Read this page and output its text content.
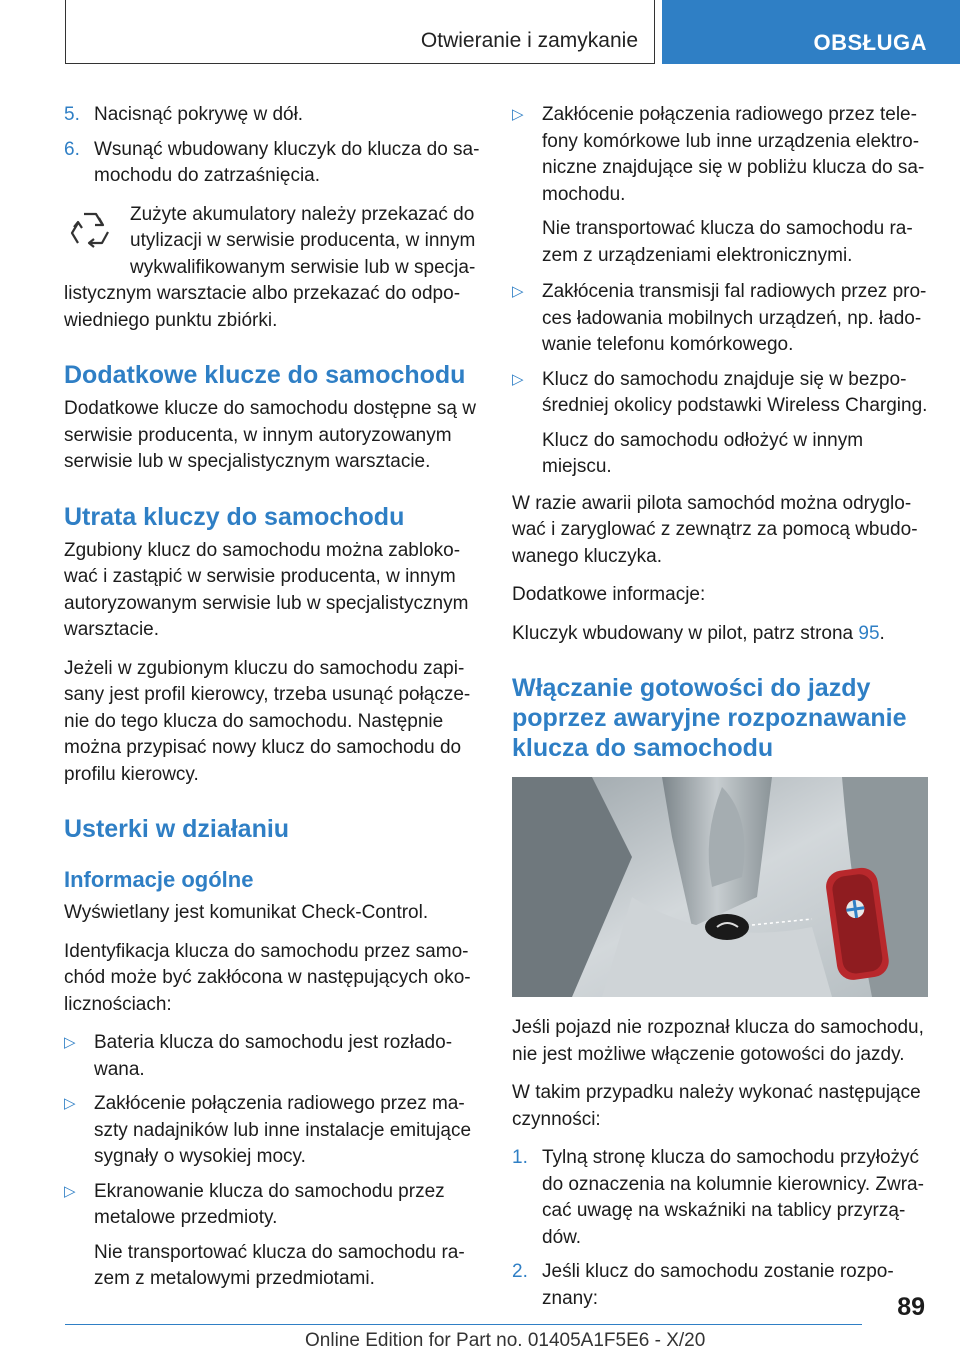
Otwieranie i zamykanie	OBSŁUGA
5. Nacisnąć pokrywę w dół.
6. Wsunąć wbudowany kluczyk do klucza do samochodu do zatrzaśnięcia.
Zużyte akumulatory należy przekazać do utylizacji w serwisie producenta, w innym wykwalifikowanym serwisie lub w specjalistycznym warsztacie albo przekazać do odpowiedniego punktu zbiórki.
Dodatkowe klucze do samochodu

Dodatkowe klucze do samochodu dostępne są w serwisie producenta, w innym autoryzowanym serwisie lub w specjalistycznym warsztacie.

Utrata kluczy do samochodu

Zgubiony klucz do samochodu można zablokować i zastąpić w serwisie producenta, w innym autoryzowanym serwisie lub w specjalistycznym warsztacie.

Jeżeli w zgubionym kluczu do samochodu zapisany jest profil kierowcy, trzeba usunąć połączenie do tego klucza do samochodu. Następnie można przypisać nowy klucz do samochodu do profilu kierowcy.

Usterki w działaniu
Informacje ogólne

Wyświetlany jest komunikat Check-Control.

Identyfikacja klucza do samochodu przez samochód może być zakłócona w następujących okolicznościach:

▷ Bateria klucza do samochodu jest rozładowana.
▷ Zakłócenie połączenia radiowego przez maszty nadajników lub inne instalacje emitujące sygnały o wysokiej mocy.
▷ Ekranowanie klucza do samochodu przez metalowe przedmioty.
Nie transportować klucza do samochodu razem z metalowymi przedmiotami.
▷ Zakłócenie połączenia radiowego przez telefony komórkowe lub inne urządzenia elektroniczne znajdujące się w pobliżu klucza do samochodu.
Nie transportować klucza do samochodu razem z urządzeniami elektronicznymi.
▷ Zakłócenia transmisji fal radiowych przez proces ładowania mobilnych urządzeń, np. ładowanie telefonu komórkowego.
▷ Klucz do samochodu znajduje się w bezpośredniej okolicy podstawki Wireless Charging.
Klucz do samochodu odłożyć w innym miejscu.

W razie awarii pilota samochód można odryglować i zaryglować z zewnątrz za pomocą wbudowanego kluczyka.

Dodatkowe informacje:

Kluczyk wbudowany w pilot, patrz strona 95.

Włączanie gotowości do jazdy poprzez awaryjne rozpoznawanie klucza do samochodu

Jeśli pojazd nie rozpoznał klucza do samochodu, nie jest możliwe włączenie gotowości do jazdy.

W takim przypadku należy wykonać następujące czynności:

1. Tylną stronę klucza do samochodu przyłożyć do oznaczenia na kolumnie kierownicy. Zwracać uwagę na wskaźniki na tablicy przyrządów.
2. Jeśli klucz do samochodu zostanie rozpoznany:	89
Online Edition for Part no. 01405A1F5E6 - X/20
